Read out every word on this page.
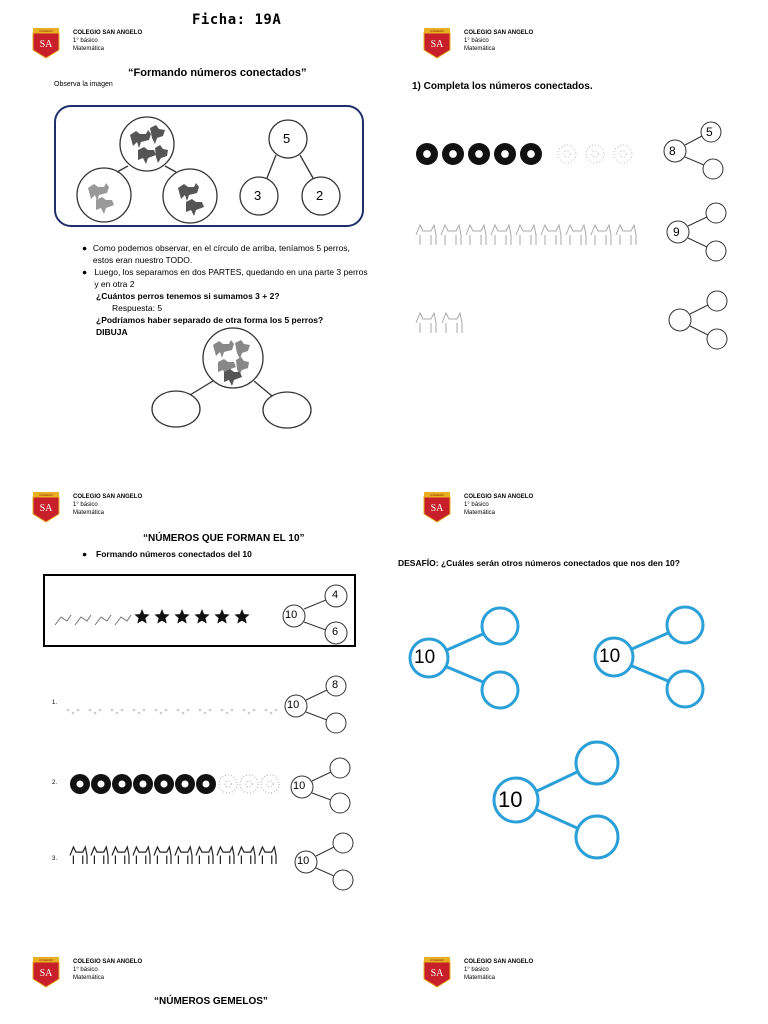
Ficha: 19A
COLEGIO
SA
COLEGIO SAN ANGELO
1° básico
Matemática
COLEGIO
SA
COLEGIO SAN ANGELO
1° básico
Matemática
COLEGIO
SA
COLEGIO SAN ANGELO
1° básico
Matemática
COLEGIO
SA
COLEGIO SAN ANGELO
1° básico
Matemática
COLEGIO
SA
COLEGIO SAN ANGELO
1° básico
Matemática
COLEGIO
SA
COLEGIO SAN ANGELO
1° básico
Matemática
“Formando números conectados”
Observa la imagen
5
3	2
● Como podemos observar, en el círculo de arriba, teníamos 5 perros, estos eran nuestro TODO.
● Luego, los separamos en dos PARTES, quedando en una parte 3 perros y en otra 2
¿Cuántos perros tenemos si sumamos 3 + 2?
Respuesta: 5
¿Podríamos haber separado de otra forma los 5 perros?
DIBUJA
1) Completa los números conectados.
5
8
9
“NÚMEROS QUE FORMAN EL 10”
●	Formando números conectados del 10
10
4
6
1.	10
8
2.	10
3.	10
DESAFÍO: ¿Cuáles serán otros números conectados que nos den 10?
10	10
10
“NÚMEROS GEMELOS”
